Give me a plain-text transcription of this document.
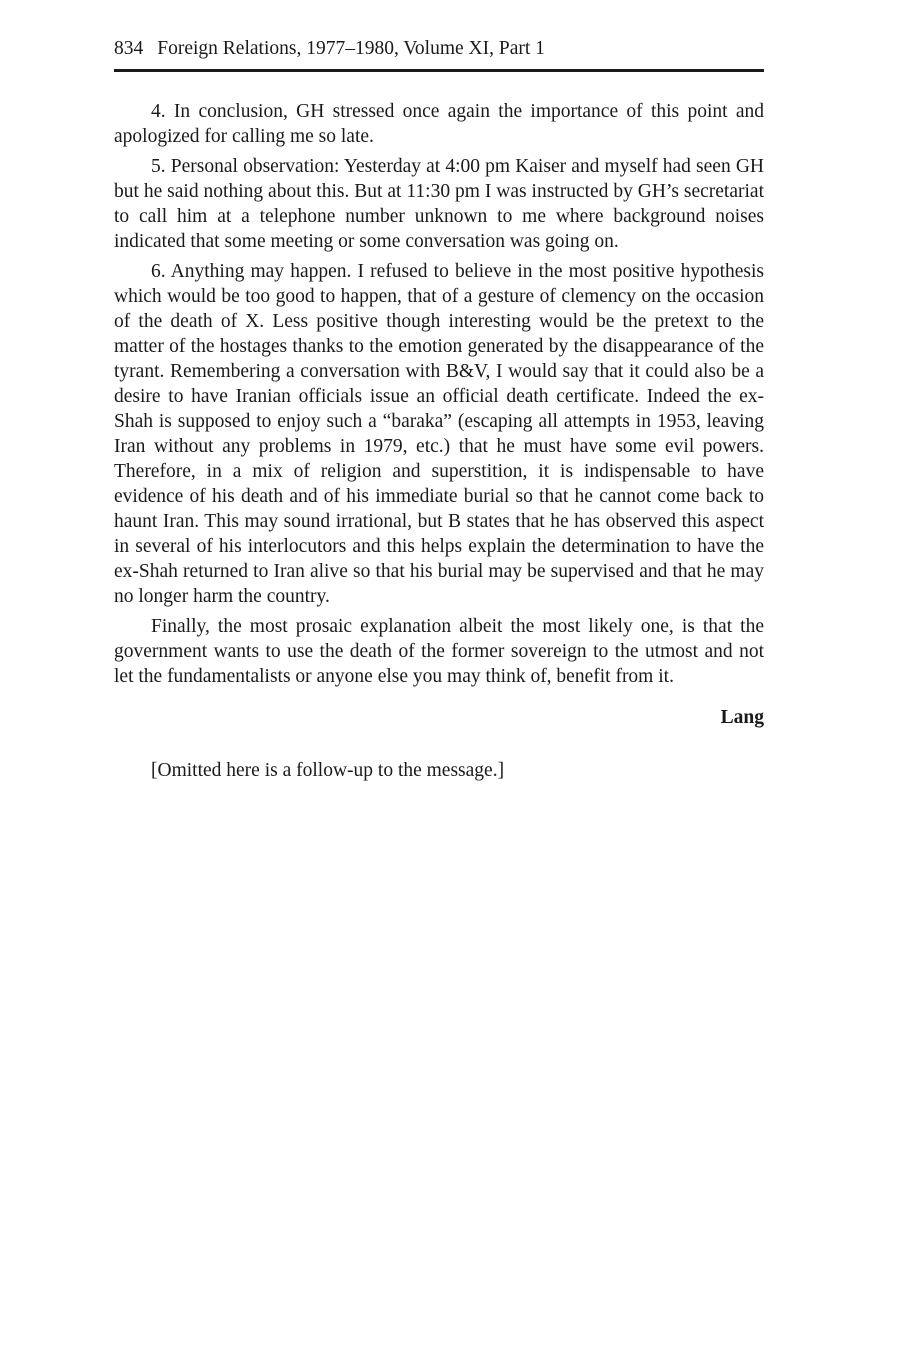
834 Foreign Relations, 1977–1980, Volume XI, Part 1

4. In conclusion, GH stressed once again the importance of this point and apologized for calling me so late.

5. Personal observation: Yesterday at 4:00 pm Kaiser and myself had seen GH but he said nothing about this. But at 11:30 pm I was instructed by GH’s secretariat to call him at a telephone number unknown to me where background noises indicated that some meeting or some conversation was going on.

6. Anything may happen. I refused to believe in the most positive hypothesis which would be too good to happen, that of a gesture of clemency on the occasion of the death of X. Less positive though interesting would be the pretext to the matter of the hostages thanks to the emotion generated by the disappearance of the tyrant. Remembering a conversation with B&V, I would say that it could also be a desire to have Iranian officials issue an official death certificate. Indeed the ex-Shah is supposed to enjoy such a “baraka” (escaping all attempts in 1953, leaving Iran without any problems in 1979, etc.) that he must have some evil powers. Therefore, in a mix of religion and superstition, it is indispensable to have evidence of his death and of his immediate burial so that he cannot come back to haunt Iran. This may sound irrational, but B states that he has observed this aspect in several of his interlocutors and this helps explain the determination to have the ex-Shah returned to Iran alive so that his burial may be supervised and that he may no longer harm the country.

Finally, the most prosaic explanation albeit the most likely one, is that the government wants to use the death of the former sovereign to the utmost and not let the fundamentalists or anyone else you may think of, benefit from it.

Lang
[Omitted here is a follow-up to the message.]
